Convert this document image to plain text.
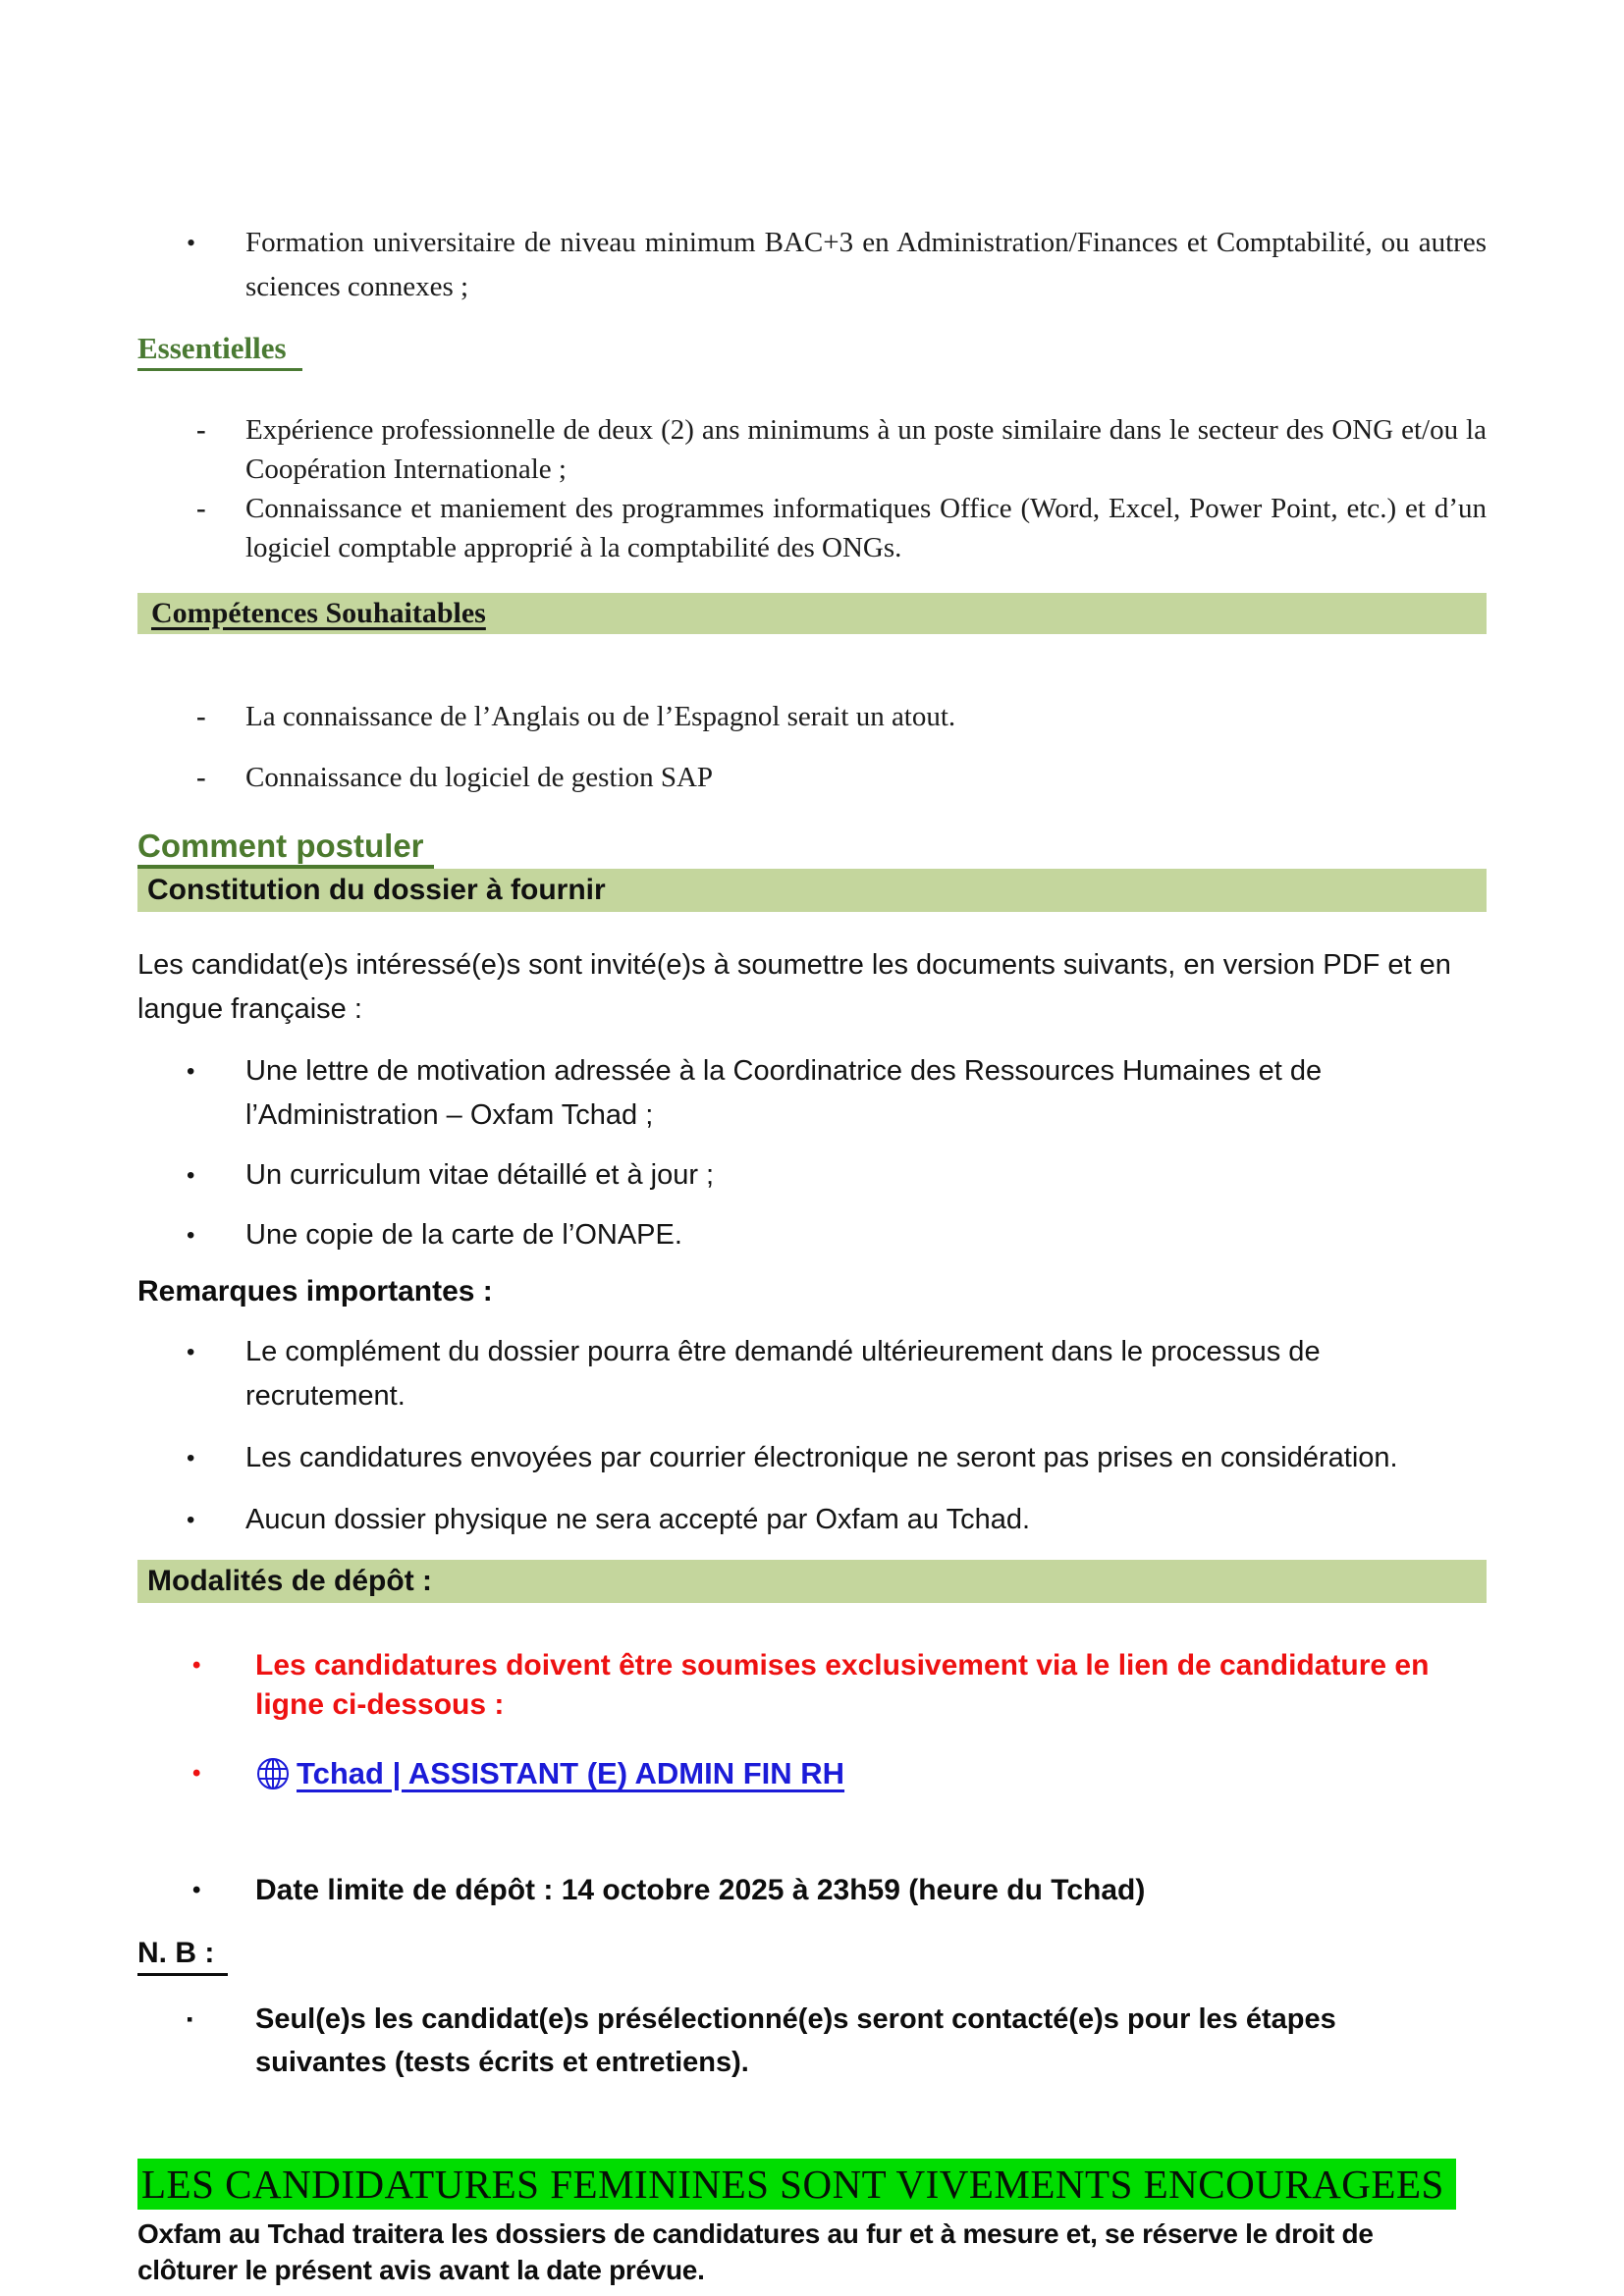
•	Formation universitaire de niveau minimum BAC+3 en Administration/Finances et Comptabilité, ou autres sciences connexes ;
Essentielles
-	Expérience professionnelle de deux (2) ans minimums à un poste similaire dans le secteur des ONG et/ou la Coopération Internationale ;
-	Connaissance et maniement des programmes informatiques Office (Word, Excel, Power Point, etc.) et d’un logiciel comptable approprié à la comptabilité des ONGs.
Compétences Souhaitables
-	La connaissance de l’Anglais ou de l’Espagnol serait un atout.
-	Connaissance du logiciel de gestion SAP
Comment postuler
Constitution du dossier à fournir
Les candidat(e)s intéressé(e)s sont invité(e)s à soumettre les documents suivants, en version PDF et en langue française :
•	Une lettre de motivation adressée à la Coordinatrice des Ressources Humaines et de l’Administration – Oxfam Tchad ;
•	Un curriculum vitae détaillé et à jour ;
•	Une copie de la carte de l’ONAPE.
Remarques importantes :
•	Le complément du dossier pourra être demandé ultérieurement dans le processus de recrutement.
•	Les candidatures envoyées par courrier électronique ne seront pas prises en considération.
•	Aucun dossier physique ne sera accepté par Oxfam au Tchad.
Modalités de dépôt :
•	Les candidatures doivent être soumises exclusivement via le lien de candidature en ligne ci-dessous :
•	Tchad | ASSISTANT (E) ADMIN FIN RH
•	Date limite de dépôt : 14 octobre 2025 à 23h59 (heure du Tchad)
N. B :
▪	Seul(e)s les candidat(e)s présélectionné(e)s seront contacté(e)s pour les étapes suivantes (tests écrits et entretiens).
LES CANDIDATURES FEMININES SONT VIVEMENTS ENCOURAGEES
Oxfam au Tchad traitera les dossiers de candidatures au fur et à mesure et, se réserve le droit de clôturer le présent avis avant la date prévue.
